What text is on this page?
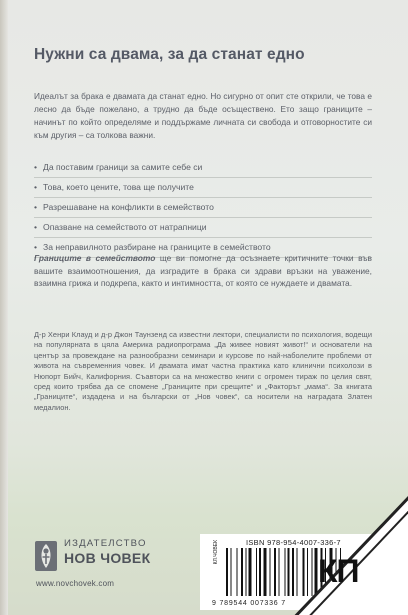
Нужни са двама, за да станат едно
Идеалът за брака е двамата да станат едно. Но сигурно от опит сте открили, че това е лесно да бъде пожелано, а трудно да бъде осъществено. Ето защо границите – начинът по който определяме и поддържаме личната си свобода и отговорностите си към другия – са толкова важни.
• Да поставим граници за самите себе си
• Това, което цените, това ще получите
• Разрешаване на конфликти в семейството
• Опазване на семейството от натрапници
• За неправилното разбиране на границите в семейството
Границите в семейството ще ви помогне да осъзнаете критичните точки във вашите взаимоотношения, да изградите в брака си здрави връзки на уважение, взаимна грижа и подкрепа, както и интимността, от която се нуждаете и двамата.
Д-р Хенри Клауд и д-р Джон Таунзенд са известни лектори, специалисти по психология, водещи на популярната в цяла Америка радиопрограма „Да живее новият живот!“ и основатели на център за провеждане на разнообразни семинари и курсове по най-наболелите проблеми от живота на съвременния човек. И двамата имат частна практика като клинични психолози в Нюпорт Бийч, Калифорния. Съавтори са на множество книги с огромен тираж по целия свят, сред които трябва да се спомене „Границите при срещите“ и „Факторът „мама“. За книгата „Границите“, издадена и на български от „Нов човек“, са носители на наградата Златен медалион.
ИЗДАТЕЛСТВО
НОВ ЧОВЕК
www.novchovek.com
ISBN 978-954-4007-336-7
КЛ.ЧОВЕК
9 789544 007336 7
КП
